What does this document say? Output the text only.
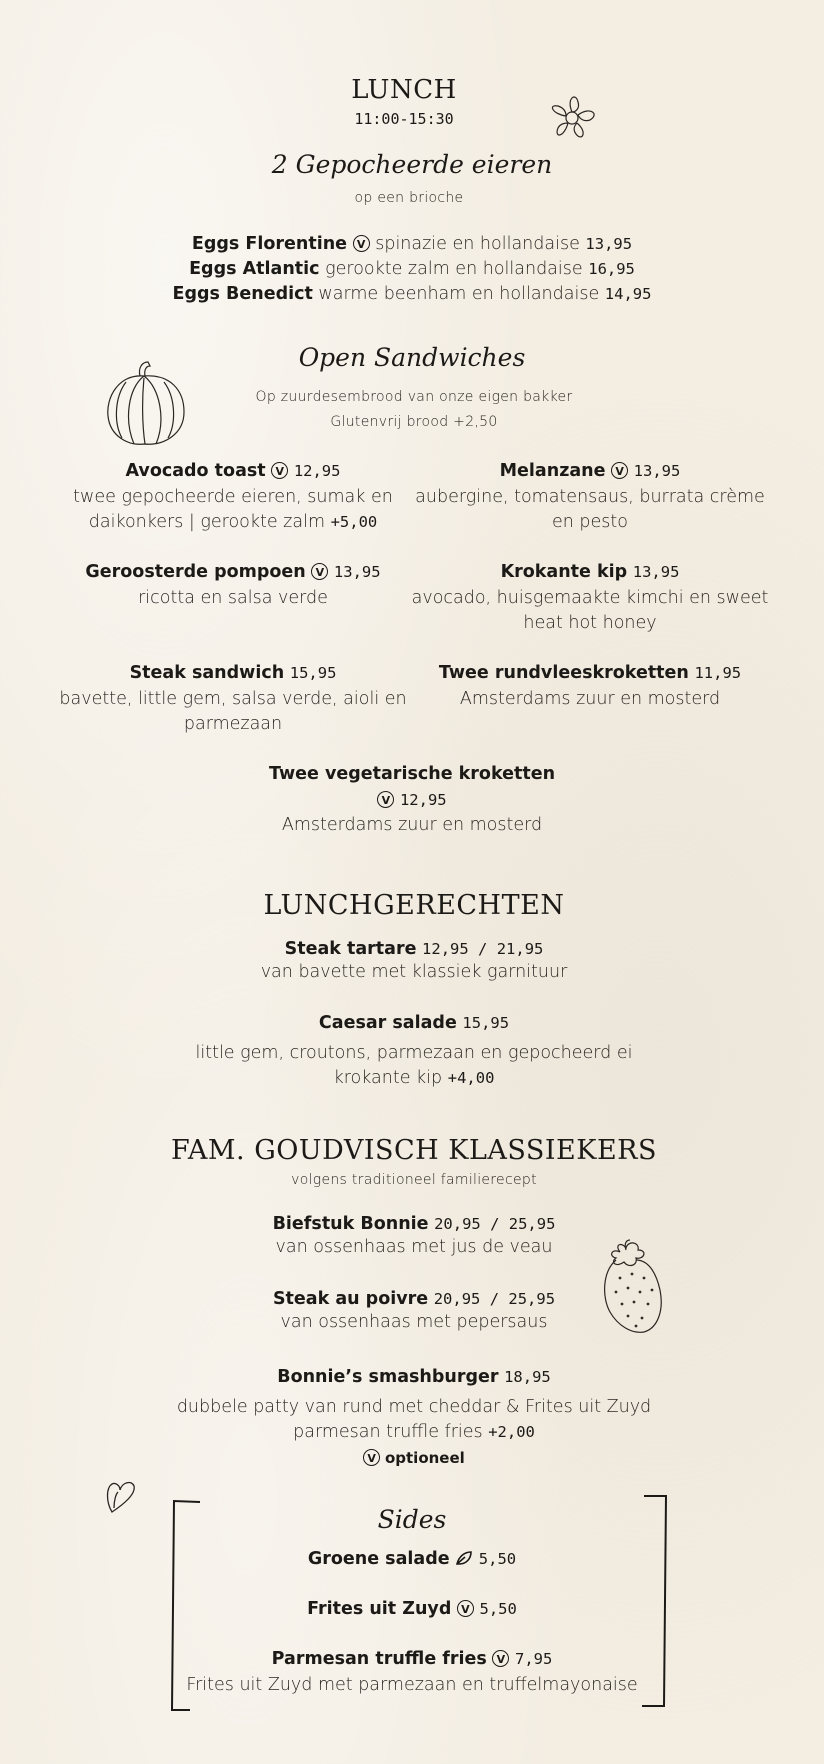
LUNCH
11:00-15:30
2 Gepocheerde eieren
op een brioche
Eggs Florentine V spinazie en hollandaise 13,95
Eggs Atlantic gerookte zalm en hollandaise 16,95
Eggs Benedict warme beenham en hollandaise 14,95
Open Sandwiches
Op zuurdesembrood van onze eigen bakker
Glutenvrij brood +2,50
Avocado toast V 12,95
twee gepocheerde eieren, sumak en
daikonkers | gerookte zalm +5,00
Geroosterde pompoen V 13,95
ricotta en salsa verde
Steak sandwich 15,95
bavette, little gem, salsa verde, aioli en
parmezaan
Melanzane V 13,95
aubergine, tomatensaus, burrata crème
en pesto
Krokante kip 13,95
avocado, huisgemaakte kimchi en sweet
heat hot honey
Twee rundvleeskroketten 11,95
Amsterdams zuur en mosterd
Twee vegetarische kroketten
V 12,95
Amsterdams zuur en mosterd
LUNCHGERECHTEN
Steak tartare 12,95 / 21,95
van bavette met klassiek garnituur
Caesar salade 15,95
little gem, croutons, parmezaan en gepocheerd ei
krokante kip +4,00
FAM. GOUDVISCH KLASSIEKERS
volgens traditioneel familierecept
Biefstuk Bonnie 20,95 / 25,95
van ossenhaas met jus de veau
Steak au poivre 20,95 / 25,95
van ossenhaas met pepersaus
Bonnie’s smashburger 18,95
dubbele patty van rund met cheddar & Frites uit Zuyd
parmesan truffle fries +2,00
V optioneel
Sides
Groene salade 5,50
Frites uit Zuyd V 5,50
Parmesan truffle fries V 7,95
Frites uit Zuyd met parmezaan en truffelmayonaise
